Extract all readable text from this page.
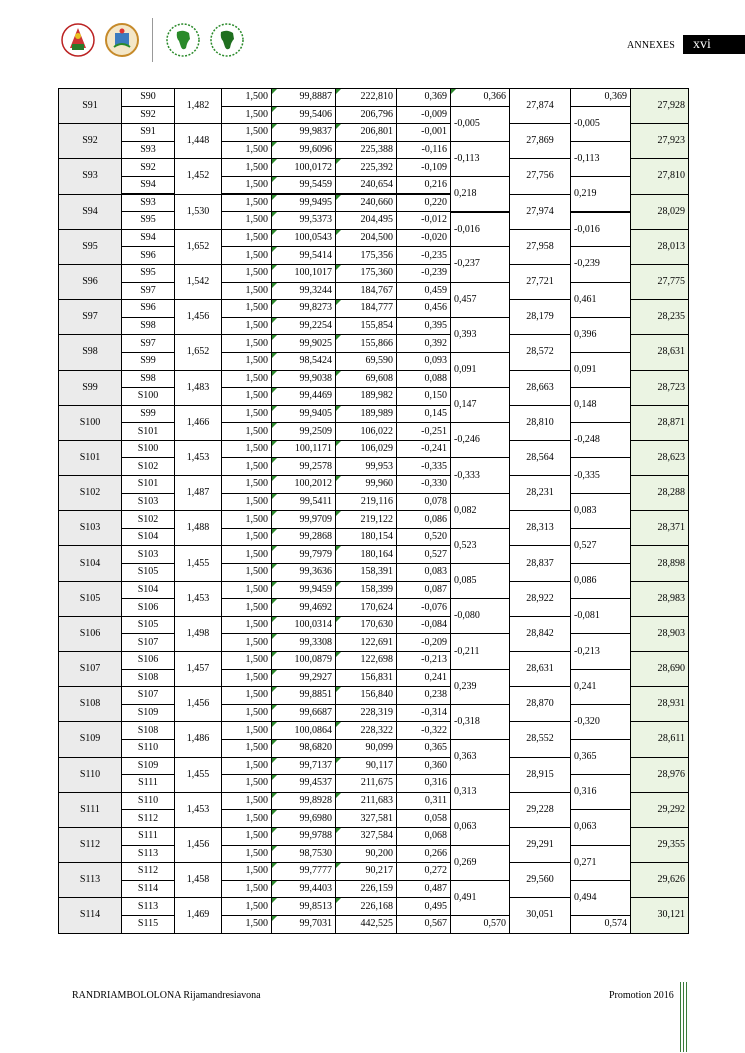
ANNEXES	xvi
S91	S90	1,482	1,500	99,8887	222,810	0,369	0,366	27,874	0,369	27,928
	S92		1,500	99,5406	206,796	-0,009	-0,005		-0,005	
S92	S91	1,448	1,500	99,9837	206,801	-0,001		27,869		27,923
	S93		1,500	99,6096	225,388	-0,116	-0,113		-0,113	
S93	S92	1,452	1,500	100,0172	225,392	-0,109		27,756		27,810
	S94		1,500	99,5459	240,654	0,216	0,218		0,219	
S94	S93	1,530	1,500	99,9495	240,660	0,220		27,974		28,029
	S95		1,500	99,5373	204,495	-0,012	-0,016		-0,016	
S95	S94	1,652	1,500	100,0543	204,500	-0,020		27,958		28,013
	S96		1,500	99,5414	175,356	-0,235	-0,237		-0,239	
S96	S95	1,542	1,500	100,1017	175,360	-0,239		27,721		27,775
	S97		1,500	99,3244	184,767	0,459	0,457		0,461	
S97	S96	1,456	1,500	99,8273	184,777	0,456		28,179		28,235
	S98		1,500	99,2254	155,854	0,395	0,393		0,396	
S98	S97	1,652	1,500	99,9025	155,866	0,392		28,572		28,631
	S99		1,500	98,5424	69,590	0,093	0,091		0,091	
S99	S98	1,483	1,500	99,9038	69,608	0,088		28,663		28,723
	S100		1,500	99,4469	189,982	0,150	0,147		0,148	
S100	S99	1,466	1,500	99,9405	189,989	0,145		28,810		28,871
	S101		1,500	99,2509	106,022	-0,251	-0,246		-0,248	
S101	S100	1,453	1,500	100,1171	106,029	-0,241		28,564		28,623
	S102		1,500	99,2578	99,953	-0,335	-0,333		-0,335	
S102	S101	1,487	1,500	100,2012	99,960	-0,330		28,231		28,288
	S103		1,500	99,5411	219,116	0,078	0,082		0,083	
S103	S102	1,488	1,500	99,9709	219,122	0,086		28,313		28,371
	S104		1,500	99,2868	180,154	0,520	0,523		0,527	
S104	S103	1,455	1,500	99,7979	180,164	0,527		28,837		28,898
	S105		1,500	99,3636	158,391	0,083	0,085		0,086	
S105	S104	1,453	1,500	99,9459	158,399	0,087		28,922		28,983
	S106		1,500	99,4692	170,624	-0,076	-0,080		-0,081	
S106	S105	1,498	1,500	100,0314	170,630	-0,084		28,842		28,903
	S107		1,500	99,3308	122,691	-0,209	-0,211		-0,213	
S107	S106	1,457	1,500	100,0879	122,698	-0,213		28,631		28,690
	S108		1,500	99,2927	156,831	0,241	0,239		0,241	
S108	S107	1,456	1,500	99,8851	156,840	0,238		28,870		28,931
	S109		1,500	99,6687	228,319	-0,314	-0,318		-0,320	
S109	S108	1,486	1,500	100,0864	228,322	-0,322		28,552		28,611
	S110		1,500	98,6820	90,099	0,365	0,363		0,365	
S110	S109	1,455	1,500	99,7137	90,117	0,360		28,915		28,976
	S111		1,500	99,4537	211,675	0,316	0,313		0,316	
S111	S110	1,453	1,500	99,8928	211,683	0,311		29,228		29,292
	S112		1,500	99,6980	327,581	0,058	0,063		0,063	
S112	S111	1,456	1,500	99,9788	327,584	0,068		29,291		29,355
	S113		1,500	98,7530	90,200	0,266	0,269		0,271	
S113	S112	1,458	1,500	99,7777	90,217	0,272		29,560		29,626
	S114		1,500	99,4403	226,159	0,487	0,491		0,494	
S114	S113	1,469	1,500	99,8513	226,168	0,495		30,051		30,121
	S115		1,500	99,7031	442,525	0,567	0,570		0,574	
RANDRIAMBOLOLONA Rijamandresiavona	Promotion 2016
